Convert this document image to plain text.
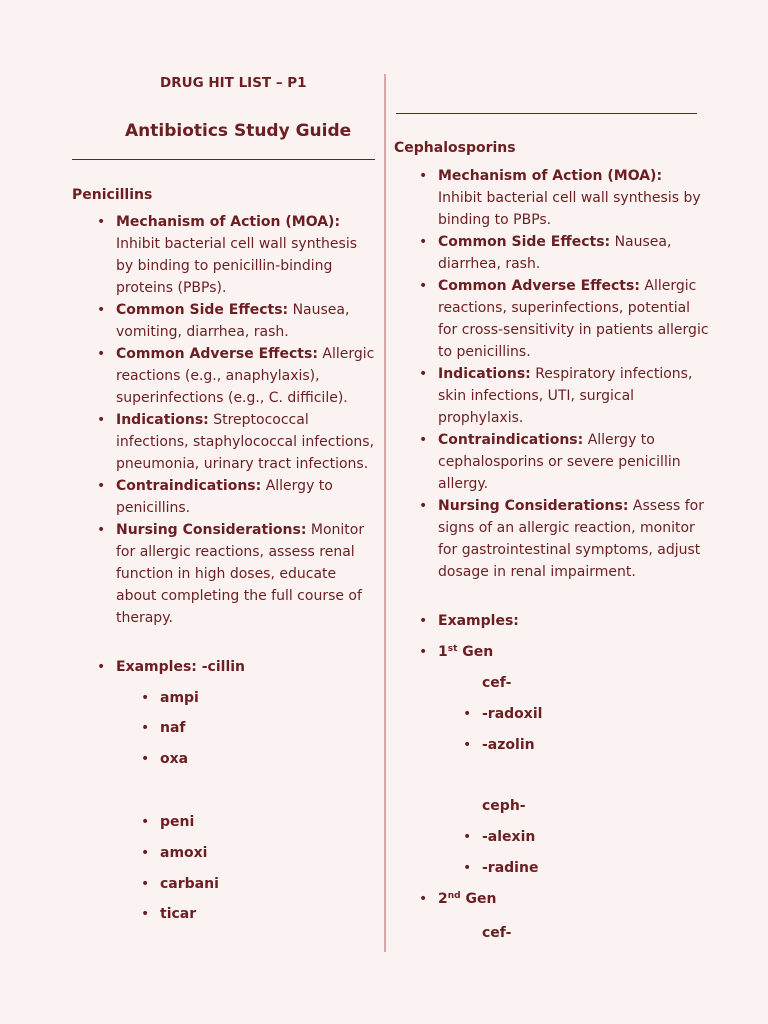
DRUG HIT LIST – P1
Antibiotics Study Guide
Penicillins
• Mechanism of Action (MOA): Inhibit bacterial cell wall synthesis by binding to penicillin-binding proteins (PBPs).
• Common Side Effects: Nausea, vomiting, diarrhea, rash.
• Common Adverse Effects: Allergic reactions (e.g., anaphylaxis), superinfections (e.g., C. difficile).
• Indications: Streptococcal infections, staphylococcal infections, pneumonia, urinary tract infections.
• Contraindications: Allergy to penicillins.
• Nursing Considerations: Monitor for allergic reactions, assess renal function in high doses, educate about completing the full course of therapy.
• Examples: -cillin
• ampi
• naf
• oxa
• peni
• amoxi
• carbani
• ticar
Cephalosporins
• Mechanism of Action (MOA): Inhibit bacterial cell wall synthesis by binding to PBPs.
• Common Side Effects: Nausea, diarrhea, rash.
• Common Adverse Effects: Allergic reactions, superinfections, potential for cross-sensitivity in patients allergic to penicillins.
• Indications: Respiratory infections, skin infections, UTI, surgical prophylaxis.
• Contraindications: Allergy to cephalosporins or severe penicillin allergy.
• Nursing Considerations: Assess for signs of an allergic reaction, monitor for gastrointestinal symptoms, adjust dosage in renal impairment.
• Examples:
• 1st Gen
cef-
• -radoxil
• -azolin
ceph-
• -alexin
• -radine
• 2nd Gen
cef-
